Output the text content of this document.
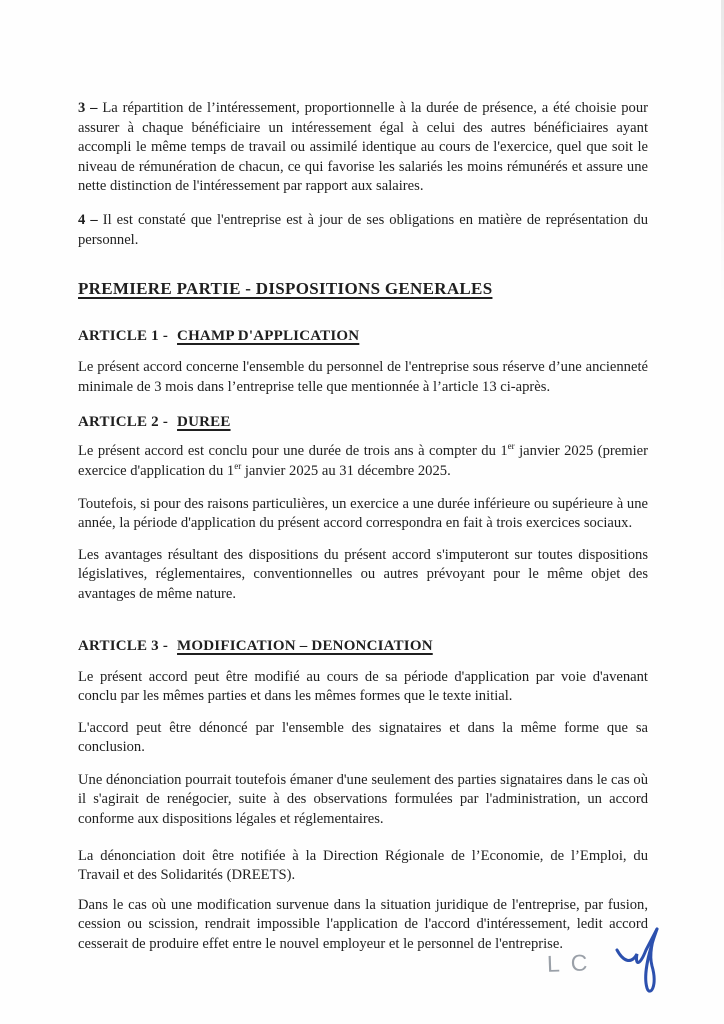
3 – La répartition de l’intéressement, proportionnelle à la durée de présence, a été choisie pour assurer à chaque bénéficiaire un intéressement égal à celui des autres bénéficiaires ayant accompli le même temps de travail ou assimilé identique au cours de l'exercice, quel que soit le niveau de rémunération de chacun, ce qui favorise les salariés les moins rémunérés et assure une nette distinction de l'intéressement par rapport aux salaires.

4 – Il est constaté que l'entreprise est à jour de ses obligations en matière de représentation du personnel.

PREMIERE PARTIE - DISPOSITIONS GENERALES
ARTICLE 1 - CHAMP D'APPLICATION

Le présent accord concerne l'ensemble du personnel de l'entreprise sous réserve d’une ancienneté minimale de 3 mois dans l’entreprise telle que mentionnée à l’article 13 ci-après.

ARTICLE 2 - DUREE

Le présent accord est conclu pour une durée de trois ans à compter du 1er janvier 2025 (premier exercice d'application du 1er janvier 2025 au 31 décembre 2025.

Toutefois, si pour des raisons particulières, un exercice a une durée inférieure ou supérieure à une année, la période d'application du présent accord correspondra en fait à trois exercices sociaux.

Les avantages résultant des dispositions du présent accord s'imputeront sur toutes dispositions législatives, réglementaires, conventionnelles ou autres prévoyant pour le même objet des avantages de même nature.

ARTICLE 3 - MODIFICATION – DENONCIATION

Le présent accord peut être modifié au cours de sa période d'application par voie d'avenant conclu par les mêmes parties et dans les mêmes formes que le texte initial.

L'accord peut être dénoncé par l'ensemble des signataires et dans la même forme que sa conclusion.

Une dénonciation pourrait toutefois émaner d'une seulement des parties signataires dans le cas où il s'agirait de renégocier, suite à des observations formulées par l'administration, un accord conforme aux dispositions légales et réglementaires.

La dénonciation doit être notifiée à la Direction Régionale de l’Economie, de l’Emploi, du Travail et des Solidarités (DREETS).

Dans le cas où une modification survenue dans la situation juridique de l'entreprise, par fusion, cession ou scission, rendrait impossible l'application de l'accord d'intéressement, ledit accord cesserait de produire effet entre le nouvel employeur et le personnel de l'entreprise.

LC
